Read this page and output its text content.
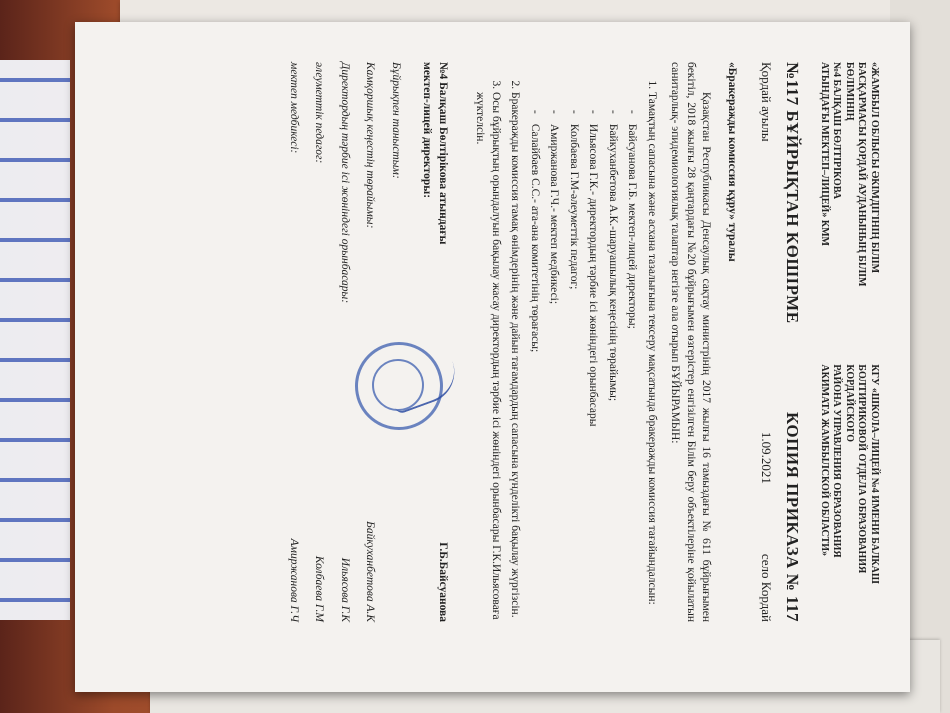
«ЖАМБЫЛ ОБЛЫСЫ ӘКІМДІГІНІҢ БІЛІМ
БАСҚАРМАСЫ ҚОРДАЙ АУДАНЫНЫҢ БІЛІМ
БӨЛІМІНІҢ
№4 БАЛҚАШ БӨЛТІРІКОВА
АТЫНДАҒЫ МЕКТЕП–ЛИЦЕЙ» КММ
КГУ «ШКОЛА–ЛИЦЕЙ №4 ИМЕНИ БАЛКАШ
БОЛТИРИКОВОЙ ОТДЕЛА ОБРАЗОВАНИЯ
КОРДАЙСКОГО
РАЙОНА УПРАВЛЕНИЯ ОБРАЗОВАНИЯ
АКИМАТА ЖАМБЫЛСКОЙ ОБЛАСТИ»
№117 БҰЙРЫҚТАН КӨШІРМЕ
КОПИЯ ПРИКАЗА № 117
Қордай ауылы
1.09.2021
село Кордай
«Бракеражды комиссия құру» туралы
Қазақстан Республикасы Денсаулық сақтау министрінің 2017 жылғы 16 тамыздағы № 611 бұйрығымен бекітіл, 2018 жылғы 28 қаңтардағы №20 бұйрығымен өзгерістер енгізілген Білім беру объектілеріне қойылатын санитарлық- эпидемиологиялық талаптар негізге ала отырып БҰЙЫРАМЫН:
1. Тамақтың сапасына және асхана тазалығына тексеру мақсатында бракеражды комиссия тағайындалсын:
- Байсуанова Г.Б. мектеп-лицей директоры;
- Байкуханбетова А.К.-шаруашылық кеңесінің төрайымы;
- Ильясова Г.К.- директордың тәрбие ісі жөніндегі орынбасары
- Колбаева Г.М-әлеуметтік педагог;
- Амиржанова Г.Ч.- мектеп медбикесі;
- Салайбаев С.С.- ата-ана комитетінің төрағасы;
2. Бракеражды комиссия тамақ өнімдерінің және дайын тағамдардың сапасына күнделікті бақылау жүргізсін.
3. Осы бұйрықтың орындалуын бақылау жасау директордың тәрбие ісі жөніндегі орынбасары Г.К.Ильясоваға жүктелсін.
№4 Балқаш Бөлтірікова атындағы
мектеп-лицей директоры:
Г.Б.Байсуанова
Бұйрықпен таныстым:
Камқоршық кеңестің төрайымы:
Байкуханбетова А.К
Директордың тәрбие ісі жөніндегі орынбасары:
Ильясова Г.К
әлеуметтік педагог:
Колбаева Г.М
мектеп медбикесі:
Амиржанова Г.Ч
